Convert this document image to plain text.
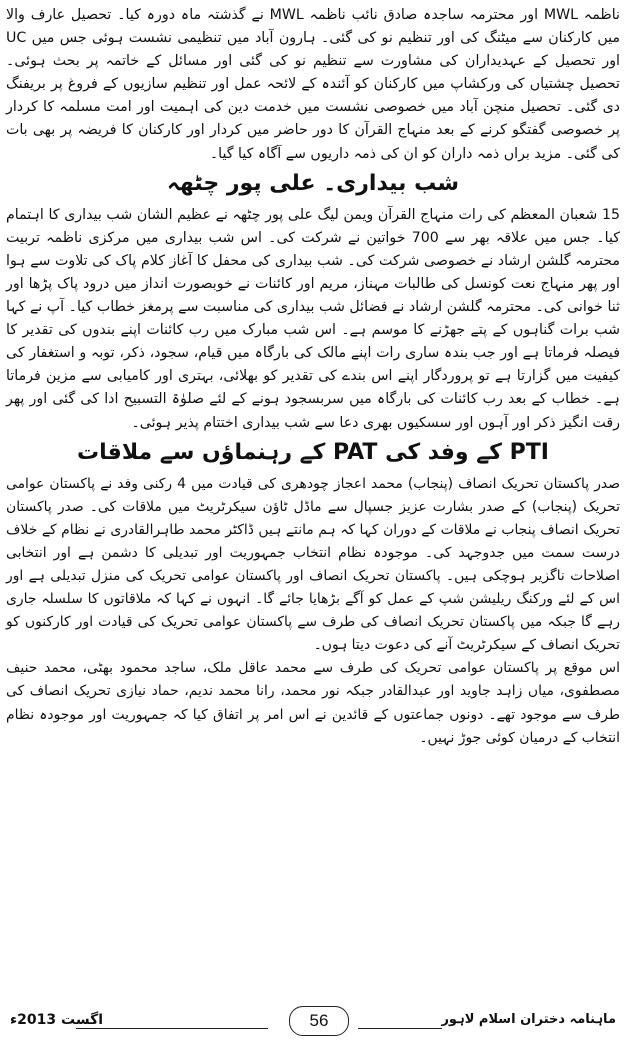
ناظمہ MWL اور محترمہ ساجدہ صادق نائب ناظمہ MWL نے گذشتہ ماہ دورہ کیا۔ تحصیل عارف والا میں کارکنان سے میٹنگ کی اور تنظیم نو کی گئی۔ ہارون آباد میں تنظیمی نشست ہوئی جس میں UC اور تحصیل کے عہدیداران کی مشاورت سے تنظیم نو کی گئی اور مسائل کے خاتمہ پر بحث ہوئی۔ تحصیل چشتیاں کی ورکشاپ میں کارکنان کو آئندہ کے لائحہ عمل اور تنظیم سازیوں کے فروغ پر بریفنگ دی گئی۔ تحصیل منچن آباد میں خصوصی نشست میں خدمت دین کی اہمیت اور امت مسلمہ کا کردار پر خصوصی گفتگو کرنے کے بعد منہاج القرآن کا دور حاضر میں کردار اور کارکنان کا فریضہ پر بھی بات کی گئی۔ مزید براں ذمہ داران کو ان کی ذمہ داریوں سے آگاہ کیا گیا۔

شب بیداری۔ علی پور چٹھہ

15 شعبان المعظم کی رات منہاج القرآن ویمن لیگ علی پور چٹھہ نے عظیم الشان شب بیداری کا اہتمام کیا۔ جس میں علاقہ بھر سے 700 خواتین نے شرکت کی۔ اس شب بیداری میں مرکزی ناظمہ تربیت محترمہ گلشن ارشاد نے خصوصی شرکت کی۔ شب بیداری کی محفل کا آغاز کلام پاک کی تلاوت سے ہوا اور پھر منہاج نعت کونسل کی طالبات مہناز، مریم اور کائنات نے خوبصورت انداز میں درود پاک پڑھا اور ثنا خوانی کی۔ محترمہ گلشن ارشاد نے فضائل شب بیداری کی مناسبت سے پرمغز خطاب کیا۔ آپ نے کہا شب برات گناہوں کے پتے جھڑنے کا موسم ہے۔ اس شب مبارک میں رب کائنات اپنے بندوں کی تقدیر کا فیصلہ فرماتا ہے اور جب بندہ ساری رات اپنے مالک کی بارگاہ میں قیام، سجود، ذکر، توبہ و استغفار کی کیفیت میں گزارتا ہے تو پروردگار اپنے اس بندے کی تقدیر کو بھلائی، بہتری اور کامیابی سے مزین فرماتا ہے۔ خطاب کے بعد رب کائنات کی بارگاہ میں سربسجود ہونے کے لئے صلوٰۃ التسبیح ادا کی گئی اور پھر رقت انگیز ذکر اور آہوں اور سسکیوں بھری دعا سے شب بیداری اختتام پذیر ہوئی۔

PTI کے وفد کی PAT کے رہنماؤں سے ملاقات

صدر پاکستان تحریک انصاف (پنجاب) محمد اعجاز چودھری کی قیادت میں 4 رکنی وفد نے پاکستان عوامی تحریک (پنجاب) کے صدر بشارت عزیز جسپال سے ماڈل ٹاؤن سیکرٹریٹ میں ملاقات کی۔ صدر پاکستان تحریک انصاف پنجاب نے ملاقات کے دوران کہا کہ ہم مانتے ہیں ڈاکٹر محمد طاہرالقادری نے نظام کے خلاف درست سمت میں جدوجہد کی۔ موجودہ نظام انتخاب جمہوریت اور تبدیلی کا دشمن ہے اور انتخابی اصلاحات ناگزیر ہوچکی ہیں۔ پاکستان تحریک انصاف اور پاکستان عوامی تحریک کی منزل تبدیلی ہے اور اس کے لئے ورکنگ ریلیشن شپ کے عمل کو آگے بڑھایا جائے گا۔ انہوں نے کہا کہ ملاقاتوں کا سلسلہ جاری رہے گا جبکہ میں پاکستان تحریک انصاف کی طرف سے پاکستان عوامی تحریک کی قیادت اور کارکنوں کو تحریک انصاف کے سیکرٹریٹ آنے کی دعوت دیتا ہوں۔

اس موقع پر پاکستان عوامی تحریک کی طرف سے محمد عاقل ملک، ساجد محمود بھٹی، محمد حنیف مصطفوی، میاں زاہد جاوید اور عبدالقادر جبکہ نور محمد، رانا محمد ندیم، حماد نیازی تحریک انصاف کی طرف سے موجود تھے۔ دونوں جماعتوں کے قائدین نے اس امر پر اتفاق کیا کہ جمہوریت اور موجودہ نظام انتخاب کے درمیان کوئی جوڑ نہیں۔

اگست 2013ء	56	ماہنامہ دختران اسلام لاہور
